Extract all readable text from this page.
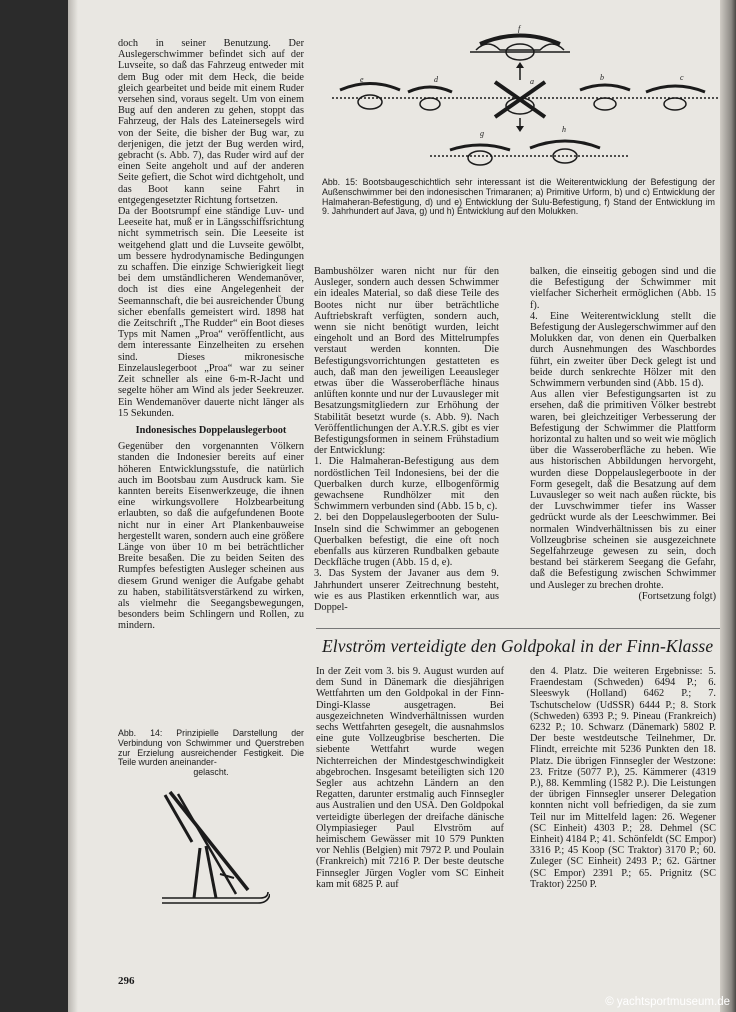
doch in seiner Benutzung. Der Auslegerschwimmer befindet sich auf der Luvseite, so daß das Fahrzeug entweder mit dem Bug oder mit dem Heck, die beide gleich gearbeitet und beide mit einem Ruder versehen sind, voraus segelt. Um von einem Bug auf den anderen zu gehen, stoppt das Fahrzeug, der Hals des Lateinersegels wird von der Seite, die bisher der Bug war, zu derjenigen, die jetzt der Bug werden wird, gebracht (s. Abb. 7), das Ruder wird auf der einen Seite angeholt und auf der anderen Seite gefiert, die Schot wird dichtgeholt, und das Boot kann seine Fahrt in entgegengesetzter Richtung fortsetzen.

Da der Bootsrumpf eine ständige Luv- und Leeseite hat, muß er in Längsschiffsrichtung nicht symmetrisch sein. Die Leeseite ist weitgehend glatt und die Luvseite gewölbt, um bessere hydrodynamische Bedingungen zu schaffen. Die einzige Schwierigkeit liegt bei dem umständlicheren Wendemanöver, doch ist dies eine Angelegenheit der Seemannschaft, die bei ausreichender Übung sicher ebenfalls gemeistert wird. 1898 hat die Zeitschrift „The Rudder“ ein Boot dieses Typs mit Namen „Proa“ veröffentlicht, aus dem interessante Einzelheiten zu ersehen sind. Dieses mikronesische Einzelauslegerboot „Proa“ war zu seiner Zeit schneller als eine 6-m-R-Jacht und segelte höher am Wind als jeder Seekreuzer. Ein Wendemanöver dauerte nicht länger als 15 Sekunden.

Indonesisches Doppelauslegerboot

Gegenüber den vorgenannten Völkern standen die Indonesier bereits auf einer höheren Entwicklungsstufe, die natürlich auch im Bootsbau zum Ausdruck kam. Sie kannten bereits Eisenwerkzeuge, die ihnen eine wirkungsvollere Holzbearbeitung erlaubten, so daß die aufgefundenen Boote nicht nur in einer Art Plankenbauweise hergestellt waren, sondern auch eine größere Länge von über 10 m bei beträchtlicher Breite besaßen. Die zu beiden Seiten des Rumpfes befestigten Ausleger scheinen aus diesem Grund weniger die Aufgabe gehabt zu haben, stabilitätsverstärkend zu wirken, als vielmehr die Seegangsbewegungen, besonders beim Schlingern und Rollen, zu mindern.

Abb. 14: Prinzipielle Darstellung der Verbindung von Schwimmer und Querstreben zur Erzielung ausreichender Festigkeit. Die Teile wurden aneinander-
gelascht.
f
e	d	a	b	c
g	h
Abb. 15: Bootsbaugeschichtlich sehr interessant ist die Weiterentwicklung der Befestigung der Außenschwimmer bei den indonesischen Trimaranen; a) Primitive Urform, b) und c) Entwicklung der Halmaheran-Befestigung, d) und e) Entwicklung der Sulu-Befestigung, f) Stand der Entwicklung im 9. Jahrhundert auf Java, g) und h) Entwicklung auf den Molukken.

Bambushölzer waren nicht nur für den Ausleger, sondern auch dessen Schwimmer ein ideales Material, so daß diese Teile des Bootes nicht nur über beträchtliche Auftriebskraft verfügten, sondern auch, wenn sie nicht benötigt wurden, leicht eingeholt und an Bord des Mittelrumpfes verstaut werden konnten. Die Befestigungsvorrichtungen gestatteten es auch, daß man den jeweiligen Leeausleger etwas über die Wasseroberfläche hinaus anlüften konnte und nur der Luvausleger mit Besatzungsmitgliedern zur Erhöhung der Stabilität besetzt wurde (s. Abb. 9). Nach Veröffentlichungen der A.Y.R.S. gibt es vier Befestigungsformen in seinem Frühstadium der Entwicklung:

1. Die Halmaheran-Befestigung aus dem nordöstlichen Teil Indonesiens, bei der die Querbalken durch kurze, ellbogenförmig gewachsene Rundhölzer mit den Schwimmern verbunden sind (Abb. 15 b, c).

2. bei den Doppelauslegerbooten der Sulu-Inseln sind die Schwimmer an gebogenen Querbalken befestigt, die eine oft noch ebenfalls aus kürzeren Rundbalken gebaute Deckfläche trugen (Abb. 15 d, e).

3. Das System der Javaner aus dem 9. Jahrhundert unserer Zeitrechnung besteht, wie es aus Plastiken erkenntlich war, aus Doppel-

balken, die einseitig gebogen sind und die die Befestigung der Schwimmer mit vielfacher Sicherheit ermöglichen (Abb. 15 f).

4. Eine Weiterentwicklung stellt die Befestigung der Auslegerschwimmer auf den Molukken dar, von denen ein Querbalken durch Ausnehmungen des Waschbordes führt, ein zweiter über Deck gelegt ist und beide durch senkrechte Hölzer mit den Schwimmern verbunden sind (Abb. 15 d).

Aus allen vier Befestigungsarten ist zu ersehen, daß die primitiven Völker bestrebt waren, bei gleichzeitiger Verbesserung der Befestigung der Schwimmer die Plattform horizontal zu halten und so weit wie möglich über die Wasseroberfläche zu heben. Wie aus historischen Abbildungen hervorgeht, wurden diese Doppelauslegerboote in der Form gesegelt, daß die Besatzung auf dem Luvausleger so weit nach außen rückte, bis der Luvschwimmer tiefer ins Wasser gedrückt wurde als der Leeschwimmer. Bei normalen Windverhältnissen bis zu einer Vollzeugbrise scheinen sie ausgezeichnete Segelfahrzeuge gewesen zu sein, doch bestand bei stärkerem Seegang die Gefahr, daß die Befestigung zwischen Schwimmer und Ausleger zu brechen drohte.

(Fortsetzung folgt)

Elvström verteidigte den Goldpokal in der Finn-Klasse
In der Zeit vom 3. bis 9. August wurden auf dem Sund in Dänemark die diesjährigen Wettfahrten um den Goldpokal in der Finn-Dingi-Klasse ausgetragen. Bei ausgezeichneten Windverhältnissen wurden sechs Wettfahrten gesegelt, die ausnahmslos eine gute Vollzeugbrise bescherten. Die siebente Wettfahrt wurde wegen Nichterreichen der Mindestgeschwindigkeit abgebrochen. Insgesamt beteiligten sich 120 Segler aus achtzehn Ländern an den Regatten, darunter erstmalig auch Finnsegler aus Australien und den USA. Den Goldpokal verteidigte überlegen der dreifache dänische Olympiasieger Paul Elvström auf heimischem Gewässer mit 10 579 Punkten vor Nehlis (Belgien) mit 7972 P. und Poulain (Frankreich) mit 7216 P. Der beste deutsche Finnsegler Jürgen Vogler vom SC Einheit kam mit 6825 P. auf
den 4. Platz. Die weiteren Ergebnisse: 5. Fraendestam (Schweden) 6494 P.; 6. Sleeswyk (Holland) 6462 P.; 7. Tschutschelow (UdSSR) 6444 P.; 8. Stork (Schweden) 6393 P.; 9. Pineau (Frankreich) 6232 P.; 10. Schwarz (Dänemark) 5802 P. Der beste westdeutsche Teilnehmer, Dr. Flindt, erreichte mit 5236 Punkten den 18. Platz. Die übrigen Finnsegler der Westzone: 23. Fritze (5077 P.), 25. Kämmerer (4319 P.), 88. Kemmling (1582 P.). Die Leistungen der übrigen Finnsegler unserer Delegation konnten nicht voll befriedigen, da sie zum Teil nur im Mittelfeld lagen: 26. Wegener (SC Einheit) 4303 P.; 28. Dehmel (SC Einheit) 4184 P.; 41. Schönfeldt (SC Empor) 3316 P.; 45 Koop (SC Traktor) 3170 P.; 60. Zuleger (SC Einheit) 2493 P.; 62. Gärtner (SC Empor) 2391 P.; 65. Prignitz (SC Traktor) 2250 P.
296
© yachtsportmuseum.de
